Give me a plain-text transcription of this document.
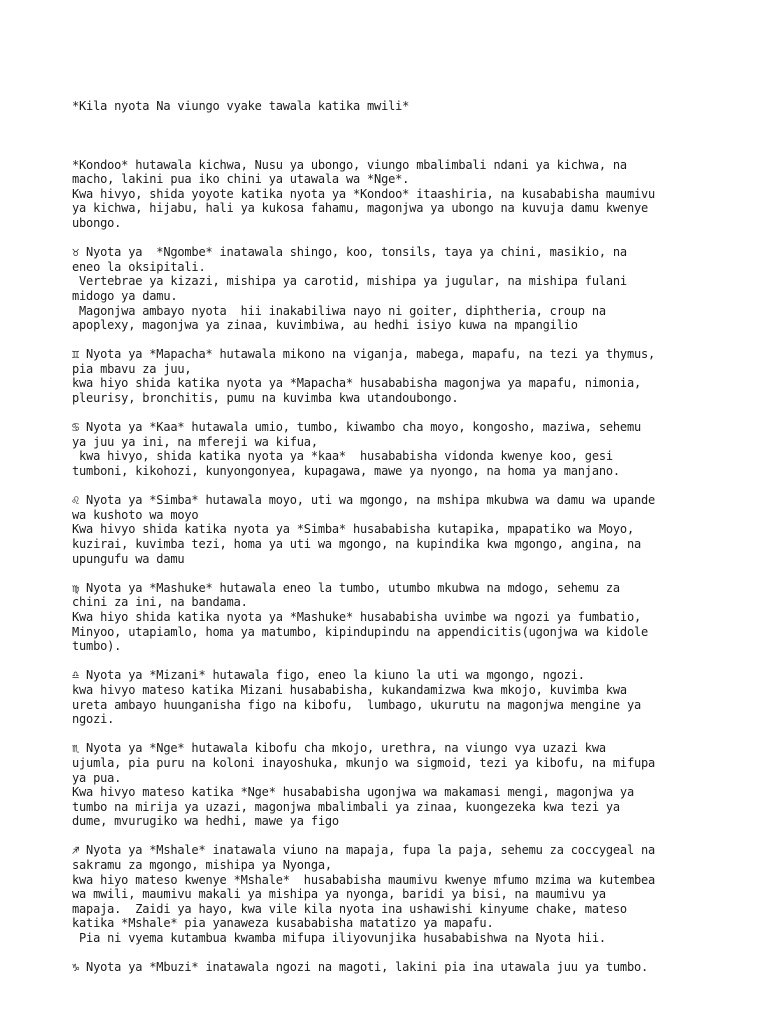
*Kila nyota Na viungo vyake tawala katika mwili*

*Kondoo* hutawala kichwa, Nusu ya ubongo, viungo mbalimbali ndani ya kichwa, na
macho, lakini pua iko chini ya utawala wa *Nge*.
Kwa hivyo, shida yoyote katika nyota ya *Kondoo* itaashiria, na kusababisha maumivu
ya kichwa, hijabu, hali ya kukosa fahamu, magonjwa ya ubongo na kuvuja damu kwenye
ubongo.
♉ Nyota ya  *Ngombe* inatawala shingo, koo, tonsils, taya ya chini, masikio, na
eneo la oksipitali.
Vertebrae ya kizazi, mishipa ya carotid, mishipa ya jugular, na mishipa fulani
midogo ya damu.
Magonjwa ambayo nyota  hii inakabiliwa nayo ni goiter, diphtheria, croup na
apoplexy, magonjwa ya zinaa, kuvimbiwa, au hedhi isiyo kuwa na mpangilio
♊ Nyota ya *Mapacha* hutawala mikono na viganja, mabega, mapafu, na tezi ya thymus,
pia mbavu za juu,
kwa hiyo shida katika nyota ya *Mapacha* husababisha magonjwa ya mapafu, nimonia,
pleurisy, bronchitis, pumu na kuvimba kwa utandoubongo.
♋ Nyota ya *Kaa* hutawala umio, tumbo, kiwambo cha moyo, kongosho, maziwa, sehemu
ya juu ya ini, na mfereji wa kifua,
kwa hivyo, shida katika nyota ya *kaa*  husababisha vidonda kwenye koo, gesi
tumboni, kikohozi, kunyongonyea, kupagawa, mawe ya nyongo, na homa ya manjano.
♌ Nyota ya *Simba* hutawala moyo, uti wa mgongo, na mshipa mkubwa wa damu wa upande
wa kushoto wa moyo
Kwa hivyo shida katika nyota ya *Simba* husababisha kutapika, mpapatiko wa Moyo,
kuzirai, kuvimba tezi, homa ya uti wa mgongo, na kupindika kwa mgongo, angina, na
upungufu wa damu
♍ Nyota ya *Mashuke* hutawala eneo la tumbo, utumbo mkubwa na mdogo, sehemu za
chini za ini, na bandama.
Kwa hiyo shida katika nyota ya *Mashuke* husababisha uvimbe wa ngozi ya fumbatio,
Minyoo, utapiamlo, homa ya matumbo, kipindupindu na appendicitis(ugonjwa wa kidole
tumbo).
♎ Nyota ya *Mizani* hutawala figo, eneo la kiuno la uti wa mgongo, ngozi.
kwa hivyo mateso katika Mizani husababisha, kukandamizwa kwa mkojo, kuvimba kwa
ureta ambayo huunganisha figo na kibofu,  lumbago, ukurutu na magonjwa mengine ya
ngozi.
♏ Nyota ya *Nge* hutawala kibofu cha mkojo, urethra, na viungo vya uzazi kwa
ujumla, pia puru na koloni inayoshuka, mkunjo wa sigmoid, tezi ya kibofu, na mifupa
ya pua.
Kwa hivyo mateso katika *Nge* husababisha ugonjwa wa makamasi mengi, magonjwa ya
tumbo na mirija ya uzazi, magonjwa mbalimbali ya zinaa, kuongezeka kwa tezi ya
dume, mvurugiko wa hedhi, mawe ya figo
♐ Nyota ya *Mshale* inatawala viuno na mapaja, fupa la paja, sehemu za coccygeal na
sakramu za mgongo, mishipa ya Nyonga,
kwa hiyo mateso kwenye *Mshale*  husababisha maumivu kwenye mfumo mzima wa kutembea
wa mwili, maumivu makali ya mishipa ya nyonga, baridi ya bisi, na maumivu ya
mapaja.  Zaidi ya hayo, kwa vile kila nyota ina ushawishi kinyume chake, mateso
katika *Mshale* pia yanaweza kusababisha matatizo ya mapafu.
Pia ni vyema kutambua kwamba mifupa iliyovunjika husababishwa na Nyota hii.
♑ Nyota ya *Mbuzi* inatawala ngozi na magoti, lakini pia ina utawala juu ya tumbo.
